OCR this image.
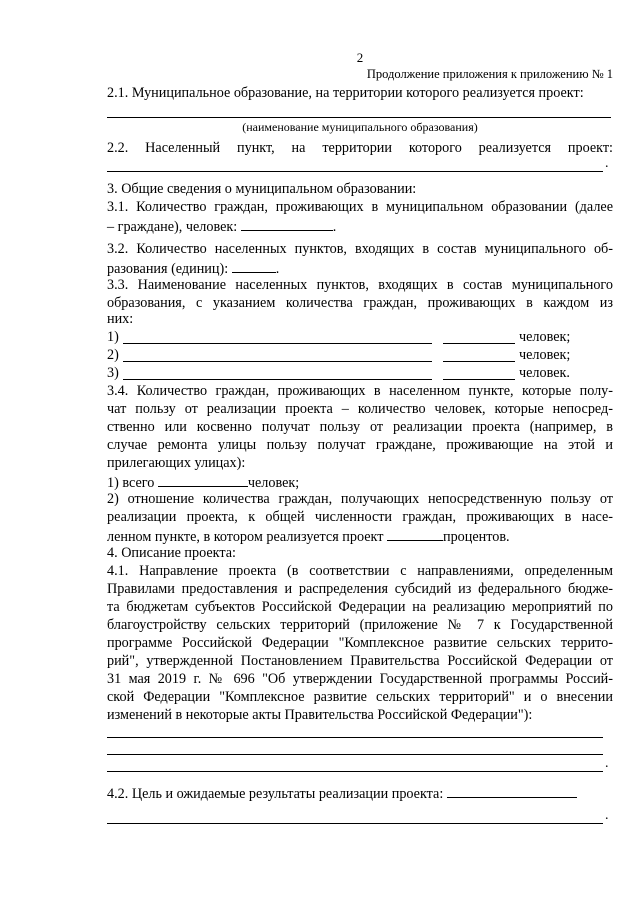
2
Продолжение приложения к приложению № 1
2.1. Муниципальное образование, на территории которого реализуется проект:
(наименование муниципального образования)
2.2. Населенный пункт, на территории которого реализуется проект:
.
3. Общие сведения о муниципальном образовании:
3.1. Количество граждан, проживающих в муниципальном образовании (далее
– граждане), человек:	.
3.2. Количество населенных пунктов, входящих в состав муниципального об-
разования (единиц):	.
3.3. Наименование населенных пунктов, входящих в состав муниципального
образования, с указанием количества граждан, проживающих в каждом из
них:
1)	человек;
2)	человек;
3)	человек.
3.4. Количество граждан, проживающих в населенном пункте, которые полу-
чат пользу от реализации проекта – количество человек, которые непосред-
ственно или косвенно получат пользу от реализации проекта (например, в
случае ремонта улицы пользу получат граждане, проживающие на этой и
прилегающих улицах):
1) всего	человек;
2) отношение количества граждан, получающих непосредственную пользу от
реализации проекта, к общей численности граждан, проживающих в насе-
ленном пункте, в котором реализуется проект	процентов.
4. Описание проекта:
4.1. Направление проекта (в соответствии с направлениями, определенным
Правилами предоставления и распределения субсидий из федерального бюдже-
та бюджетам субъектов Российской Федерации на реализацию мероприятий по
благоустройству сельских территорий (приложение № 7 к Государственной
программе Российской Федерации "Комплексное развитие сельских террито-
рий", утвержденной Постановлением Правительства Российской Федерации от
31 мая 2019 г. № 696 "Об утверждении Государственной программы Россий-
ской Федерации "Комплексное развитие сельских территорий" и о внесении
изменений в некоторые акты Правительства Российской Федерации"):
.
4.2. Цель и ожидаемые результаты реализации проекта:
.
